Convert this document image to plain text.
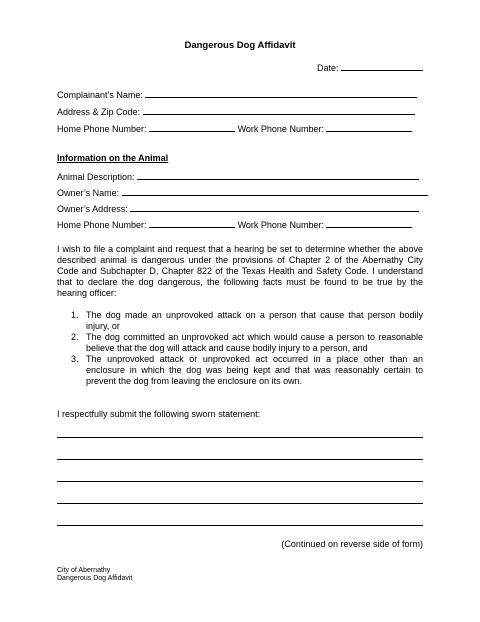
Dangerous Dog Affidavit
Date:
Complainant’s Name:
Address & Zip Code:
Home Phone Number:	Work Phone Number:
Information on the Animal
Animal Description:
Owner’s Name:
Owner’s Address:
Home Phone Number:	Work Phone Number:
I wish to file a complaint and request that a hearing be set to determine whether the above described animal is dangerous under the provisions of Chapter 2 of the Abernathy City Code and Subchapter D, Chapter 822 of the Texas Health and Safety Code. I understand that to declare the dog dangerous, the following facts must be found to be true by the hearing officer:
1. The dog made an unprovoked attack on a person that cause that person bodily injury, or
2. The dog committed an unprovoked act which would cause a person to reasonable believe that the dog will attack and cause bodily injury to a person, and
3. The unprovoked attack or unprovoked act occurred in a place other than an enclosure in which the dog was being kept and that was reasonably certain to prevent the dog from leaving the enclosure on its own.
I respectfully submit the following sworn statement:
(Continued on reverse side of form)
City of Abernathy
Dangerous Dog Affidavit
